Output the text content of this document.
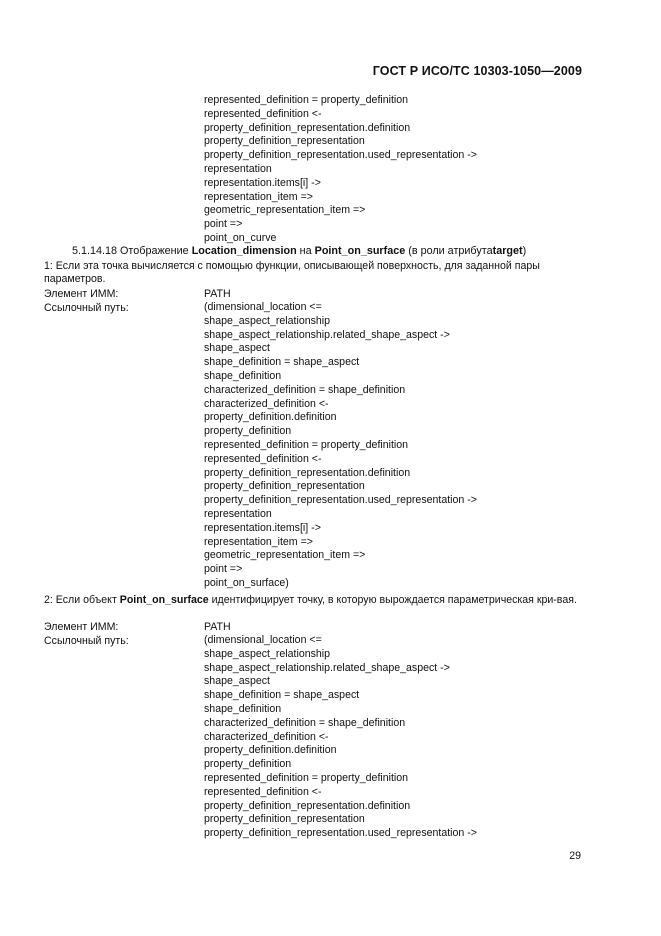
ГОСТ Р ИСО/ТС 10303-1050—2009
represented_definition = property_definition
represented_definition <-
property_definition_representation.definition
property_definition_representation
property_definition_representation.used_representation ->
representation
representation.items[i] ->
representation_item =>
geometric_representation_item =>
point =>
point_on_curve
5.1.14.18 Отображение Location_dimension на Point_on_surface (в роли атрибутаtarget)
1: Если эта точка вычисляется с помощью функции, описывающей поверхность, для заданной пары параметров.
Элемент ИММ:	PATH
Ссылочный путь:	(dimensional_location <=
shape_aspect_relationship
shape_aspect_relationship.related_shape_aspect ->
shape_aspect
shape_definition = shape_aspect
shape_definition
characterized_definition = shape_definition
characterized_definition <-
property_definition.definition
property_definition
represented_definition = property_definition
represented_definition <-
property_definition_representation.definition
property_definition_representation
property_definition_representation.used_representation ->
representation
representation.items[i] ->
representation_item =>
geometric_representation_item =>
point =>
point_on_surface)
2: Если объект Point_on_surface идентифицирует точку, в которую вырождается параметрическая кри-вая.
Элемент ИММ:	PATH
Ссылочный путь:	(dimensional_location <=
shape_aspect_relationship
shape_aspect_relationship.related_shape_aspect ->
shape_aspect
shape_definition = shape_aspect
shape_definition
characterized_definition = shape_definition
characterized_definition <-
property_definition.definition
property_definition
represented_definition = property_definition
represented_definition <-
property_definition_representation.definition
property_definition_representation
property_definition_representation.used_representation ->
29
